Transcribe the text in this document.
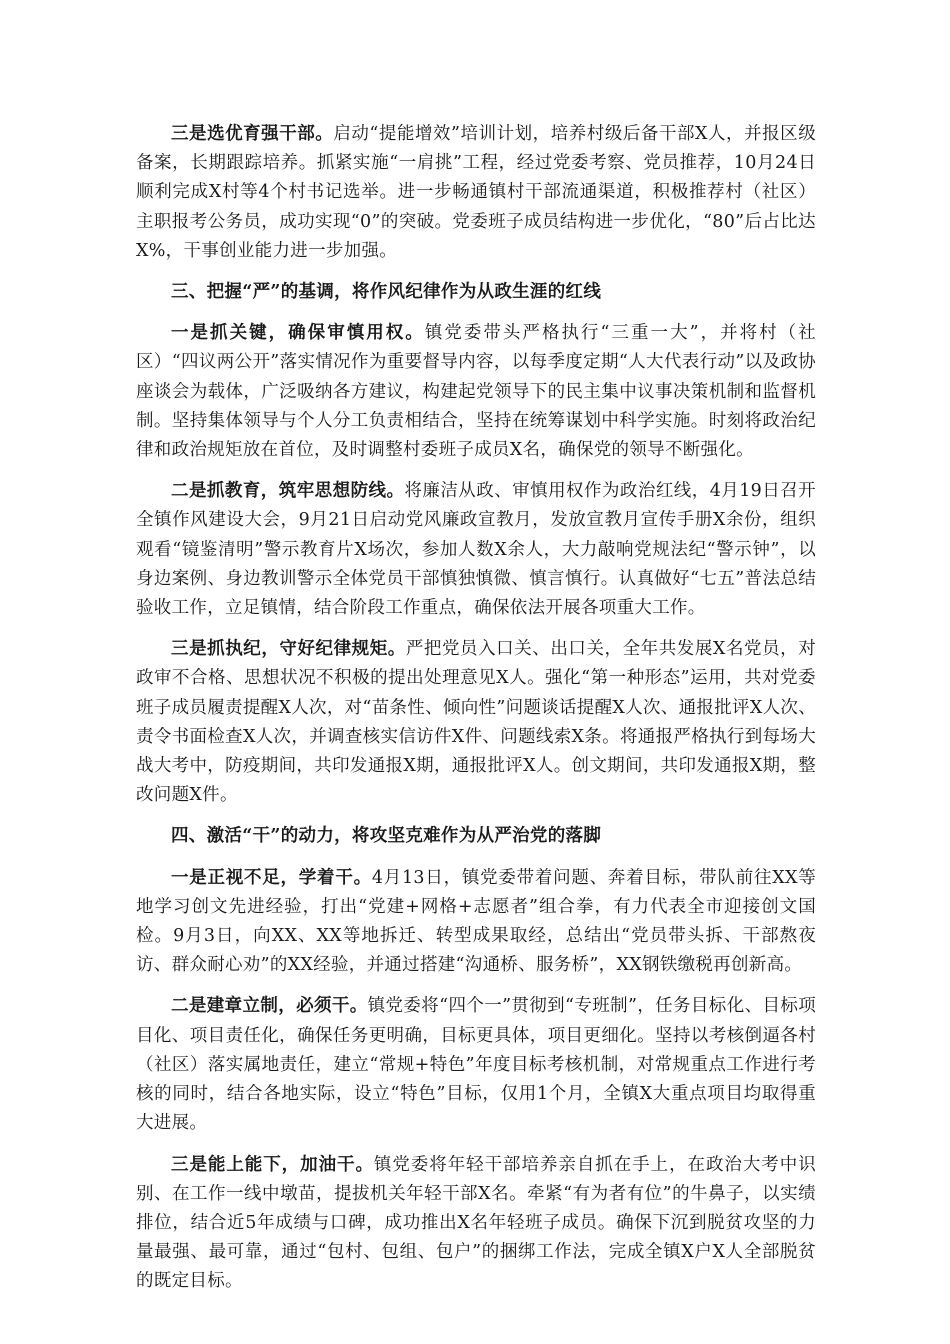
三是选优育强干部。启动“提能增效”培训计划，培养村级后备干部X人，并报区级备案，长期跟踪培养。抓紧实施“一肩挑”工程，经过党委考察、党员推荐，10月24日顺利完成X村等4个村书记选举。进一步畅通镇村干部流通渠道，积极推荐村（社区）主职报考公务员，成功实现“0”的突破。党委班子成员结构进一步优化，“80”后占比达X%，干事创业能力进一步加强。

三、把握“严”的基调，将作风纪律作为从政生涯的红线

一是抓关键，确保审慎用权。镇党委带头严格执行“三重一大”，并将村（社区）“四议两公开”落实情况作为重要督导内容，以每季度定期“人大代表行动”以及政协座谈会为载体，广泛吸纳各方建议，构建起党领导下的民主集中议事决策机制和监督机制。坚持集体领导与个人分工负责相结合，坚持在统筹谋划中科学实施。时刻将政治纪律和政治规矩放在首位，及时调整村委班子成员X名，确保党的领导不断强化。

二是抓教育，筑牢思想防线。将廉洁从政、审慎用权作为政治红线，4月19日召开全镇作风建设大会，9月21日启动党风廉政宣教月，发放宣教月宣传手册X余份，组织观看“镜鉴清明”警示教育片X场次，参加人数X余人，大力敲响党规法纪“警示钟”，以身边案例、身边教训警示全体党员干部慎独慎微、慎言慎行。认真做好“七五”普法总结验收工作，立足镇情，结合阶段工作重点，确保依法开展各项重大工作。

三是抓执纪，守好纪律规矩。严把党员入口关、出口关，全年共发展X名党员，对政审不合格、思想状况不积极的提出处理意见X人。强化“第一种形态”运用，共对党委班子成员履责提醒X人次，对“苗条性、倾向性”问题谈话提醒X人次、通报批评X人次、责令书面检查X人次，并调查核实信访件X件、问题线索X条。将通报严格执行到每场大战大考中，防疫期间，共印发通报X期，通报批评X人。创文期间，共印发通报X期，整改问题X件。

四、激活“干”的动力，将攻坚克难作为从严治党的落脚

一是正视不足，学着干。4月13日，镇党委带着问题、奔着目标，带队前往XX等地学习创文先进经验，打出“党建+网格+志愿者”组合拳，有力代表全市迎接创文国检。9月3日，向XX、XX等地拆迁、转型成果取经，总结出“党员带头拆、干部熬夜访、群众耐心劝”的XX经验，并通过搭建“沟通桥、服务桥”，XX钢铁缴税再创新高。

二是建章立制，必须干。镇党委将“四个一”贯彻到“专班制”，任务目标化、目标项目化、项目责任化，确保任务更明确，目标更具体，项目更细化。坚持以考核倒逼各村（社区）落实属地责任，建立“常规+特色”年度目标考核机制，对常规重点工作进行考核的同时，结合各地实际，设立“特色”目标，仅用1个月，全镇X大重点项目均取得重大进展。

三是能上能下，加油干。镇党委将年轻干部培养亲自抓在手上，在政治大考中识别、在工作一线中墩苗，提拔机关年轻干部X名。牵紧“有为者有位”的牛鼻子，以实绩排位，结合近5年成绩与口碑，成功推出X名年轻班子成员。确保下沉到脱贫攻坚的力量最强、最可靠，通过“包村、包组、包户”的捆绑工作法，完成全镇X户X人全部脱贫的既定目标。
